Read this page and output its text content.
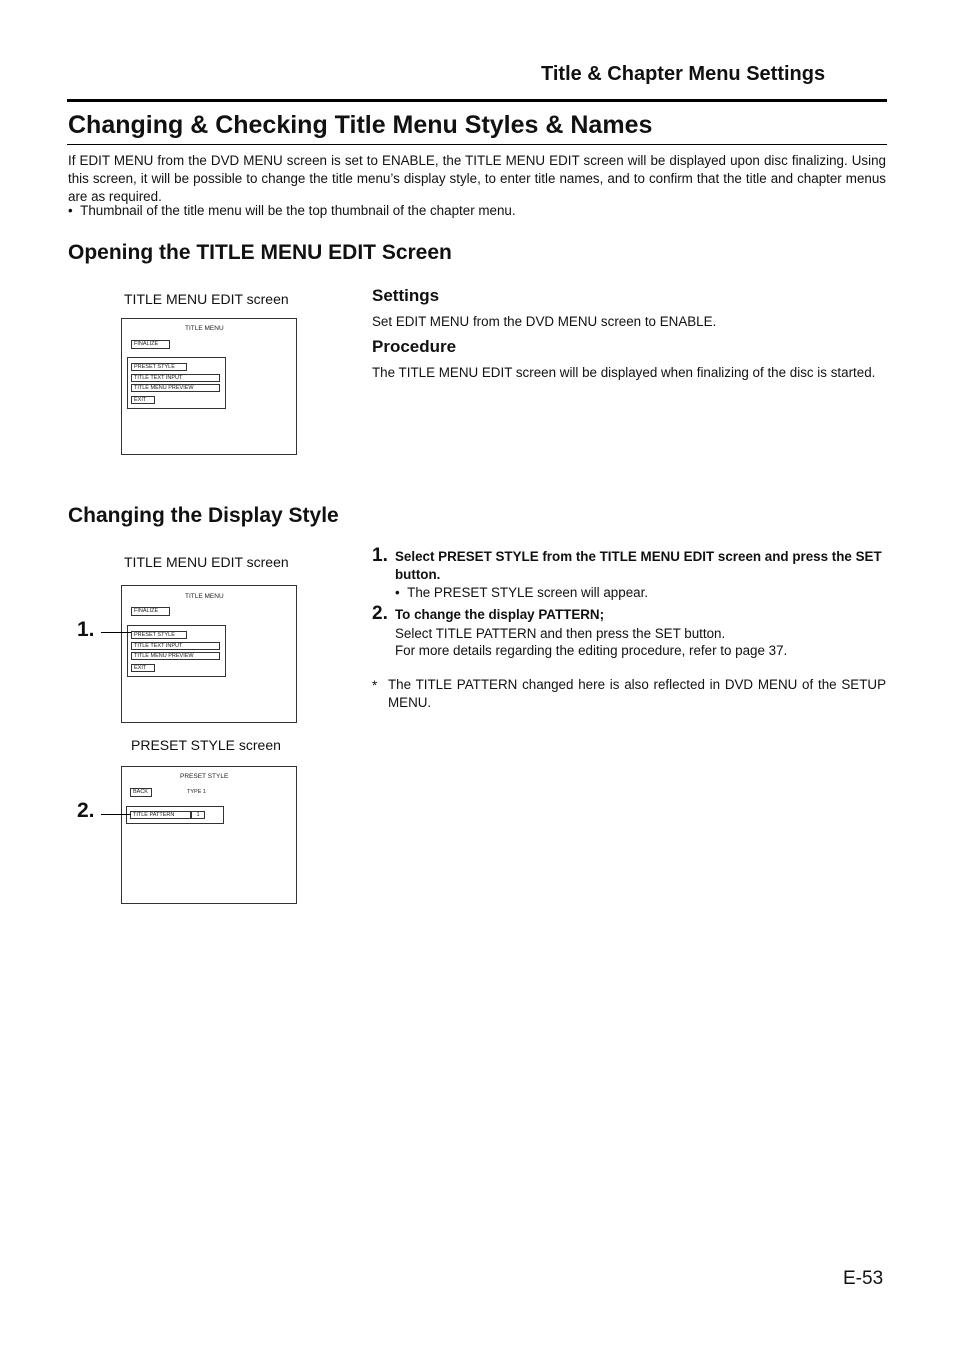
Title & Chapter Menu Settings
Changing & Checking Title Menu Styles & Names
If EDIT MENU from the DVD MENU screen is set to ENABLE, the TITLE MENU EDIT screen will be displayed upon disc finalizing. Using this screen, it will be possible to change the title menu’s display style, to enter title names, and to confirm that the title and chapter menus are as required.
•  Thumbnail of the title menu will be the top thumbnail of the chapter menu.
Opening the TITLE MENU EDIT Screen
TITLE MENU EDIT screen
TITLE MENU
FINALIZE
PRESET STYLE
TITLE TEXT INPUT
TITLE MENU PREVIEW
EXIT
Settings
Set EDIT MENU from the DVD MENU screen to ENABLE.
Procedure
The TITLE MENU EDIT screen will be displayed when finalizing of the disc is started.
Changing the Display Style
TITLE MENU EDIT screen
TITLE MENU
FINALIZE
PRESET STYLE
TITLE TEXT INPUT
TITLE MENU PREVIEW
EXIT
1.
PRESET STYLE screen
PRESET STYLE
BACK	TYPE 1
TITLE PATTERN	1
2.
1. Select PRESET STYLE from the TITLE MENU EDIT screen and press the SET button.
•  The PRESET STYLE screen will appear.
2. To change the display PATTERN;
Select TITLE PATTERN and then press the SET button.
For more details regarding the editing procedure, refer to page 37.
* The TITLE PATTERN changed here is also reflected in DVD MENU of the SETUP MENU.
E-53
